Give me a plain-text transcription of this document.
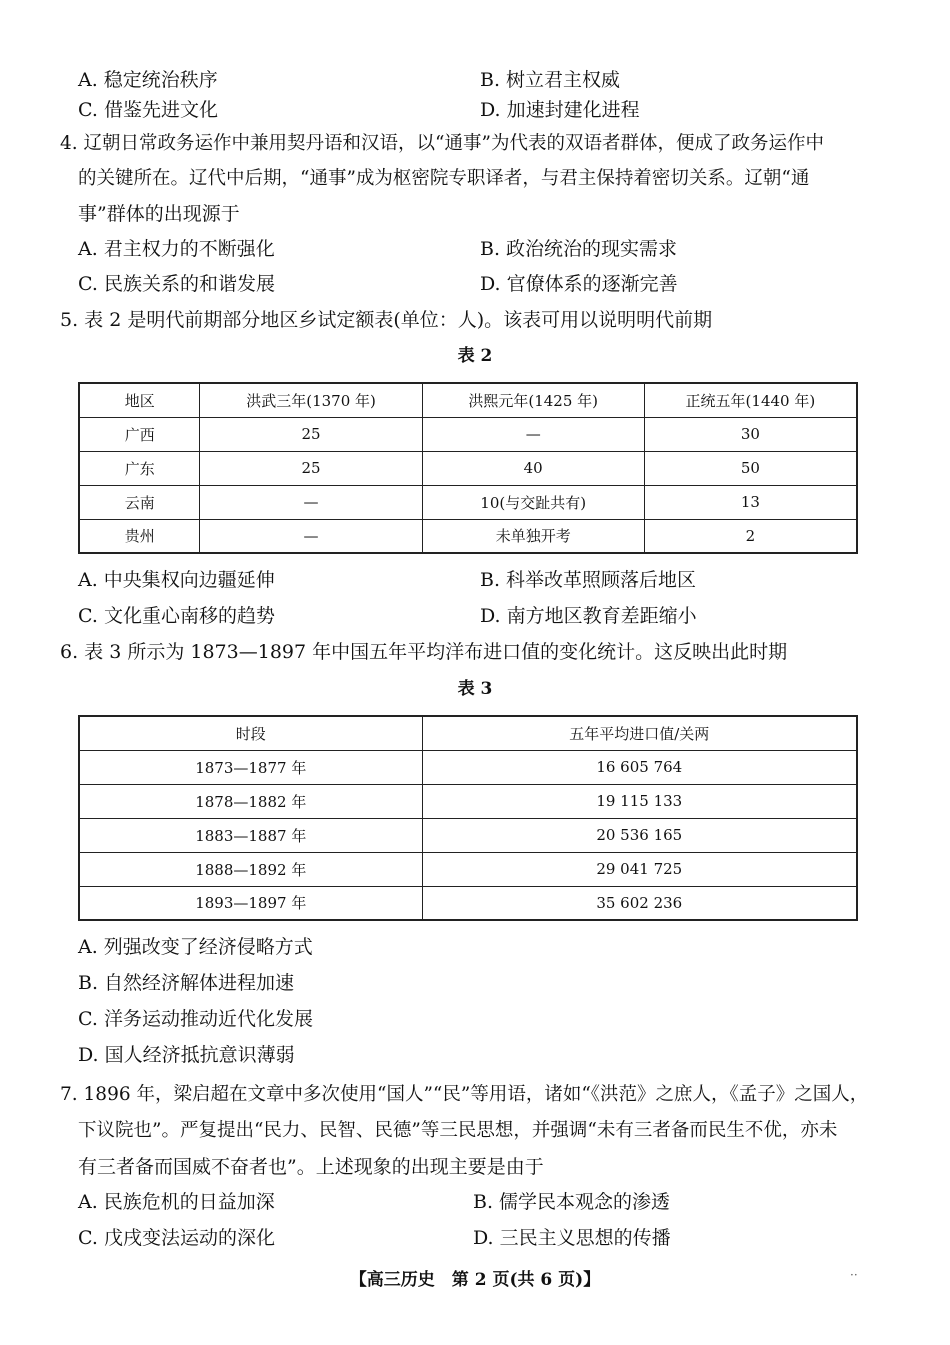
A. 稳定统治秩序	B. 树立君主权威
C. 借鉴先进文化	D. 加速封建化进程
4. 辽朝日常政务运作中兼用契丹语和汉语，以“通事”为代表的双语者群体，便成了政务运作中
的关键所在。辽代中后期，“通事”成为枢密院专职译者，与君主保持着密切关系。辽朝“通
事”群体的出现源于
A. 君主权力的不断强化	B. 政治统治的现实需求
C. 民族关系的和谐发展	D. 官僚体系的逐渐完善
5. 表 2 是明代前期部分地区乡试定额表(单位：人)。该表可用以说明明代前期
表 2
地区	洪武三年(1370 年)	洪熙元年(1425 年)	正统五年(1440 年)
广西	25	—	30
广东	25	40	50
云南	—	10(与交趾共有)	13
贵州	—	未单独开考	2
A. 中央集权向边疆延伸	B. 科举改革照顾落后地区
C. 文化重心南移的趋势	D. 南方地区教育差距缩小
6. 表 3 所示为 1873—1897 年中国五年平均洋布进口值的变化统计。这反映出此时期
表 3
时段	五年平均进口值/关两
1873—1877 年	16 605 764
1878—1882 年	19 115 133
1883—1887 年	20 536 165
1888—1892 年	29 041 725
1893—1897 年	35 602 236
A. 列强改变了经济侵略方式
B. 自然经济解体进程加速
C. 洋务运动推动近代化发展
D. 国人经济抵抗意识薄弱
7. 1896 年，梁启超在文章中多次使用“国人”“民”等用语，诸如“《洪范》之庶人，《孟子》之国人，
下议院也”。严复提出“民力、民智、民德”等三民思想，并强调“未有三者备而民生不优，亦未
有三者备而国威不奋者也”。上述现象的出现主要是由于
A. 民族危机的日益加深	B. 儒学民本观念的渗透
C. 戊戌变法运动的深化	D. 三民主义思想的传播
【高三历史　第 2 页(共 6 页)】	··
